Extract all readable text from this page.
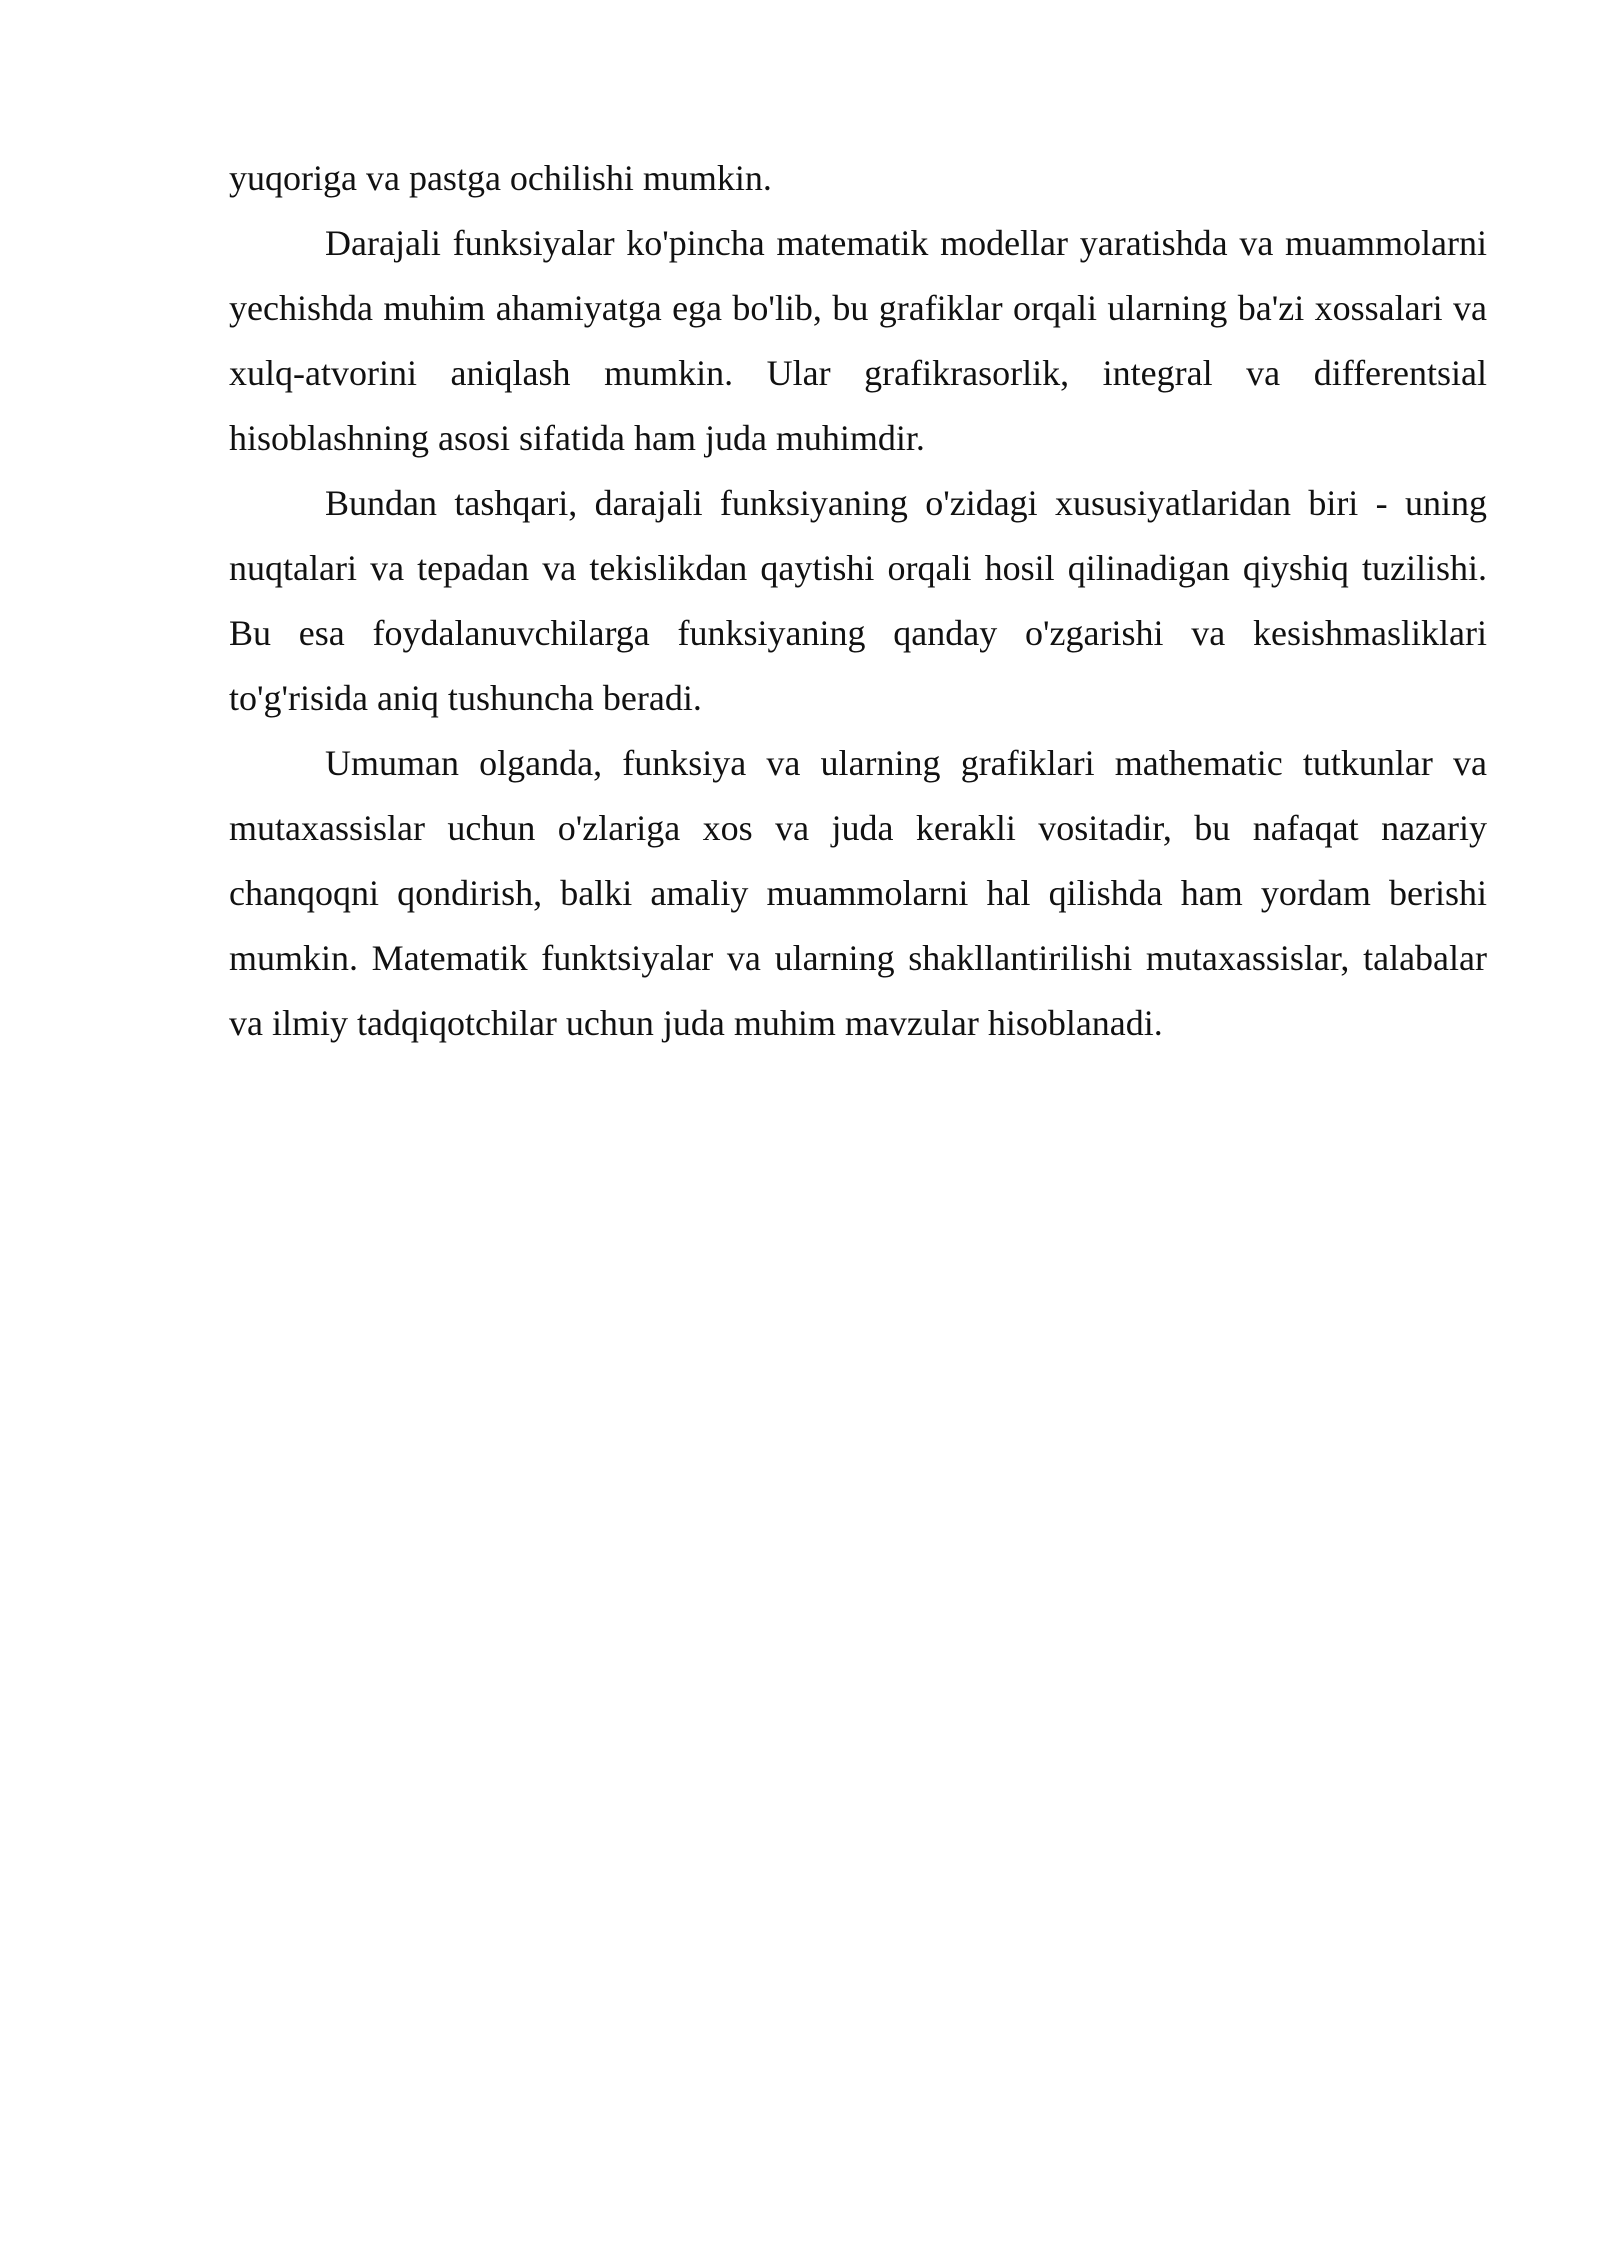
yuqoriga va pastga ochilishi mumkin.

Darajali funksiyalar ko'pincha matematik modellar yaratishda va muammolarni yechishda muhim ahamiyatga ega bo'lib, bu grafiklar orqali ularning ba'zi xossalari va xulq-atvorini aniqlash mumkin. Ular grafikrasorlik, integral va differentsial hisoblashning asosi sifatida ham juda muhimdir.

Bundan tashqari, darajali funksiyaning o'zidagi xususiyatlaridan biri - uning nuqtalari va tepadan va tekislikdan qaytishi orqali hosil qilinadigan qiyshiq tuzilishi. Bu esa foydalanuvchilarga funksiyaning qanday o'zgarishi va kesishmasliklari to'g'risida aniq tushuncha beradi.

Umuman olganda, funksiya va ularning grafiklari mathematic tutkunlar va mutaxassislar uchun o'zlariga xos va juda kerakli vositadir, bu nafaqat nazariy chanqoqni qondirish, balki amaliy muammolarni hal qilishda ham yordam berishi mumkin. Matematik funktsiyalar va ularning shakllantirilishi mutaxassislar, talabalar va ilmiy tadqiqotchilar uchun juda muhim mavzular hisoblanadi.
